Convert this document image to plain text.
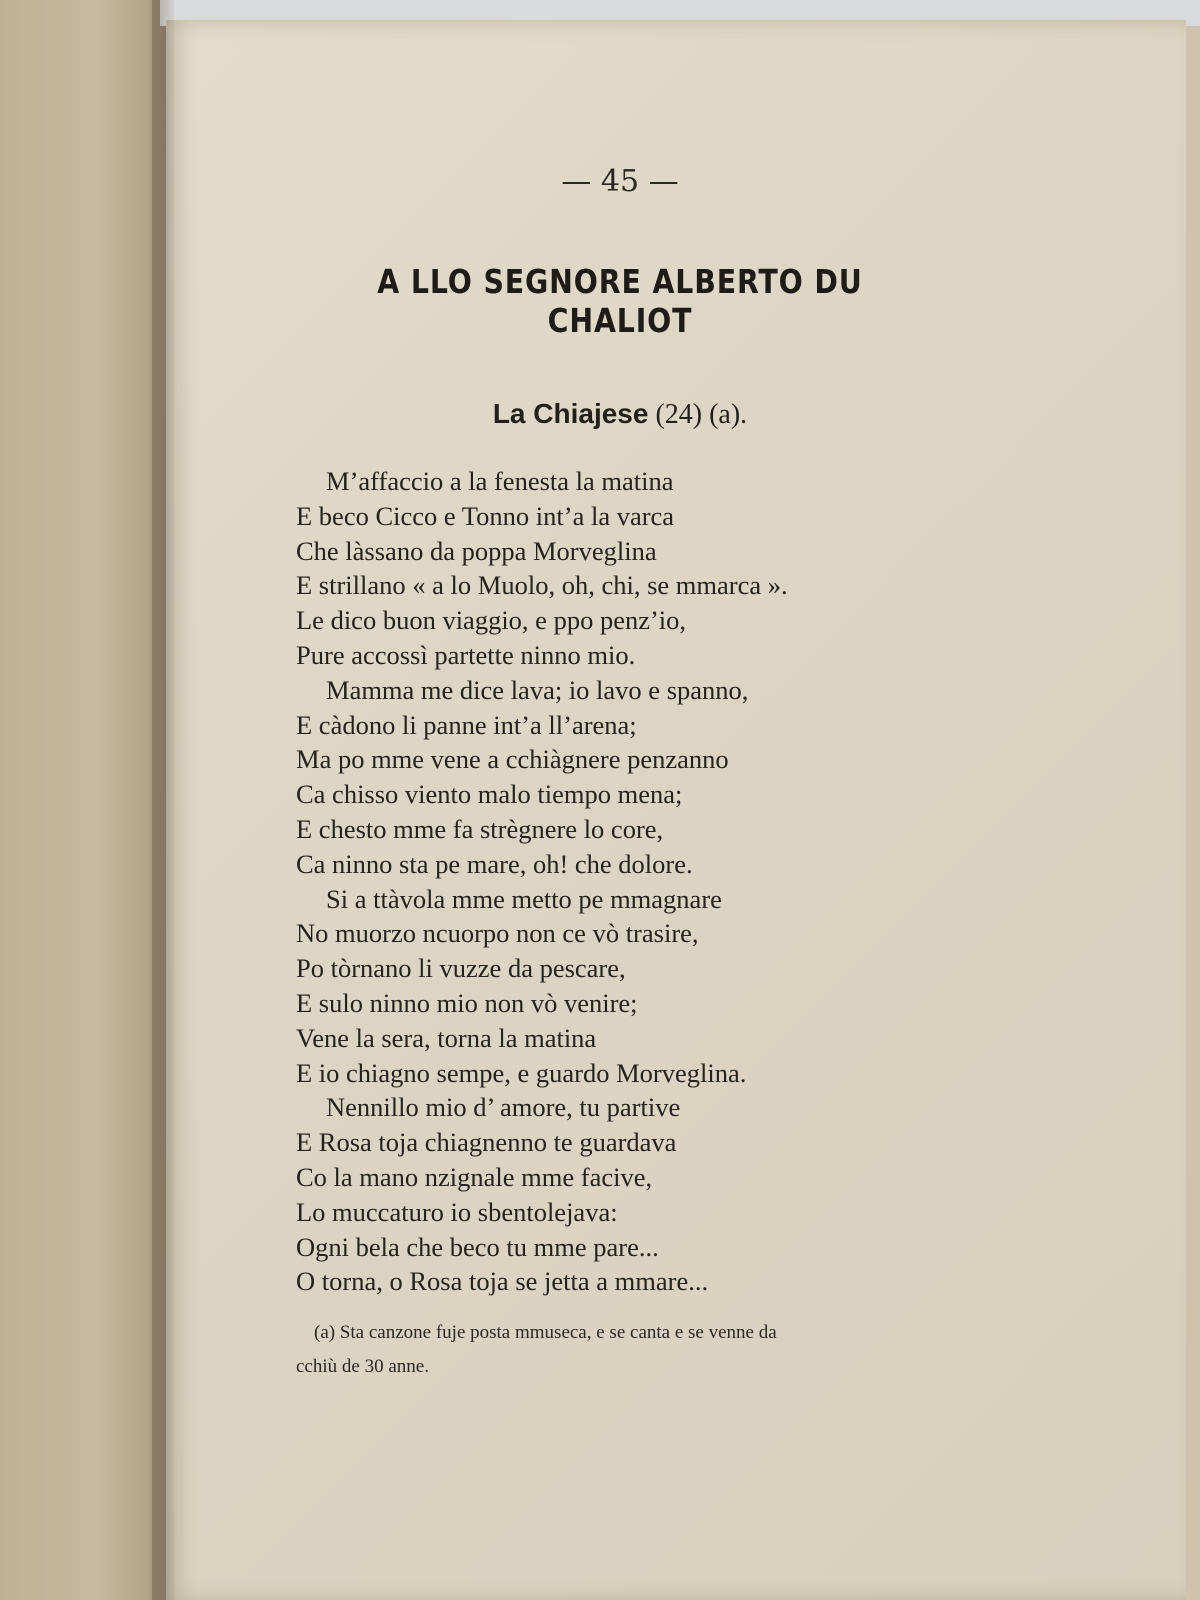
— 45 —
A LLO SEGNORE ALBERTO DU CHALIOT
La Chiajese (24) (a).
M’affaccio a la fenesta la matina
E beco Cicco e Tonno int’a la varca
Che làssano da poppa Morveglina
E strillano « a lo Muolo, oh, chi, se mmarca ».
Le dico buon viaggio, e ppo penz’io,
Pure accossì partette ninno mio.
Mamma me dice lava; io lavo e spanno,
E càdono li panne int’a ll’arena;
Ma po mme vene a cchiàgnere penzanno
Ca chisso viento malo tiempo mena;
E chesto mme fa strègnere lo core,
Ca ninno sta pe mare, oh! che dolore.
Si a ttàvola mme metto pe mmagnare
No muorzo ncuorpo non ce vò trasire,
Po tòrnano li vuzze da pescare,
E sulo ninno mio non vò venire;
Vene la sera, torna la matina
E io chiagno sempe, e guardo Morveglina.
Nennillo mio d’ amore, tu partive
E Rosa toja chiagnenno te guardava
Co la mano nzignale mme facive,
Lo muccaturo io sbentolejava:
Ogni bela che beco tu mme pare...
O torna, o Rosa toja se jetta a mmare...
(a) Sta canzone fuje posta mmuseca, e se canta e se venne da
cchiù de 30 anne.
